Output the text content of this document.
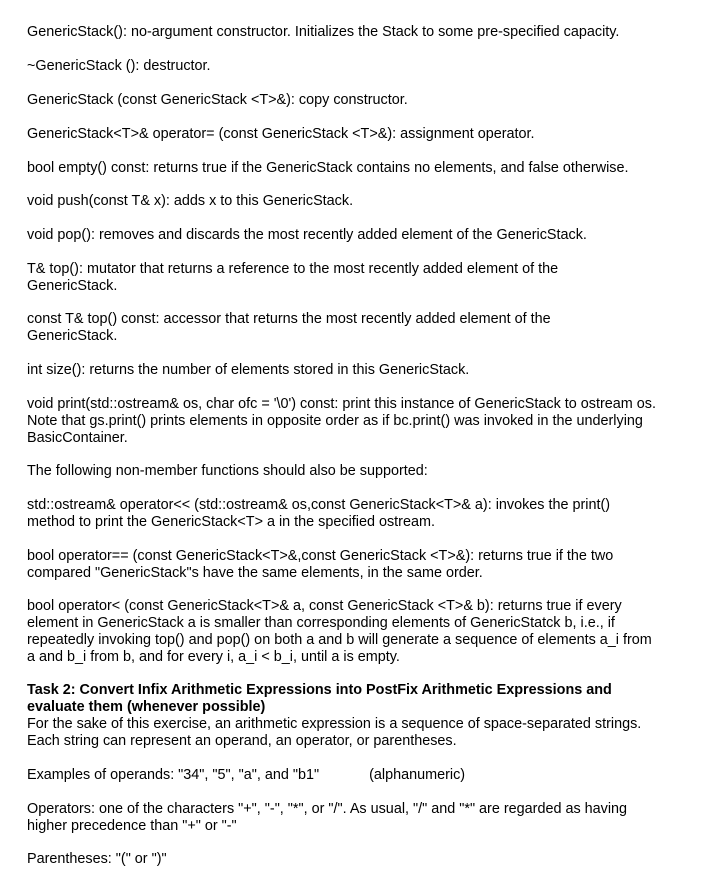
GenericStack(): no-argument constructor. Initializes the Stack to some pre-specified capacity.

~GenericStack (): destructor.

GenericStack (const GenericStack <T>&): copy constructor.

GenericStack<T>& operator= (const GenericStack <T>&): assignment operator.

bool empty() const: returns true if the GenericStack contains no elements, and false otherwise.

void push(const T& x): adds x to this GenericStack.

void pop(): removes and discards the most recently added element of the GenericStack.

T& top(): mutator that returns a reference to the most recently added element of the GenericStack.

const T& top() const: accessor that returns the most recently added element of the GenericStack.

int size(): returns the number of elements stored in this GenericStack.

void print(std::ostream& os, char ofc = '\0') const: print this instance of GenericStack to ostream os. Note that gs.print() prints elements in opposite order as if bc.print() was invoked in the underlying BasicContainer.

The following non-member functions should also be supported:

std::ostream& operator<< (std::ostream& os,const GenericStack<T>& a): invokes the print() method to print the GenericStack<T> a in the specified ostream.

bool operator== (const GenericStack<T>&,const GenericStack <T>&): returns true if the two compared "GenericStack"s have the same elements, in the same order.

bool operator< (const GenericStack<T>& a, const GenericStack <T>& b): returns true if every element in GenericStack a is smaller than corresponding elements of GenericStatck b, i.e., if repeatedly invoking top() and pop() on both a and b will generate a sequence of elements a_i from a and b_i from b, and for every i, a_i < b_i, until a is empty.

Task 2: Convert Infix Arithmetic Expressions into PostFix Arithmetic Expressions and evaluate them (whenever possible)

For the sake of this exercise, an arithmetic expression is a sequence of space-separated strings. Each string can represent an operand, an operator, or parentheses.

Examples of operands: "34", "5", "a", and "b1"	(alphanumeric)

Operators: one of the characters "+", "-", "*", or "/". As usual, "/" and "*" are regarded as having higher precedence than "+" or "-"

Parentheses: "(" or ")"
